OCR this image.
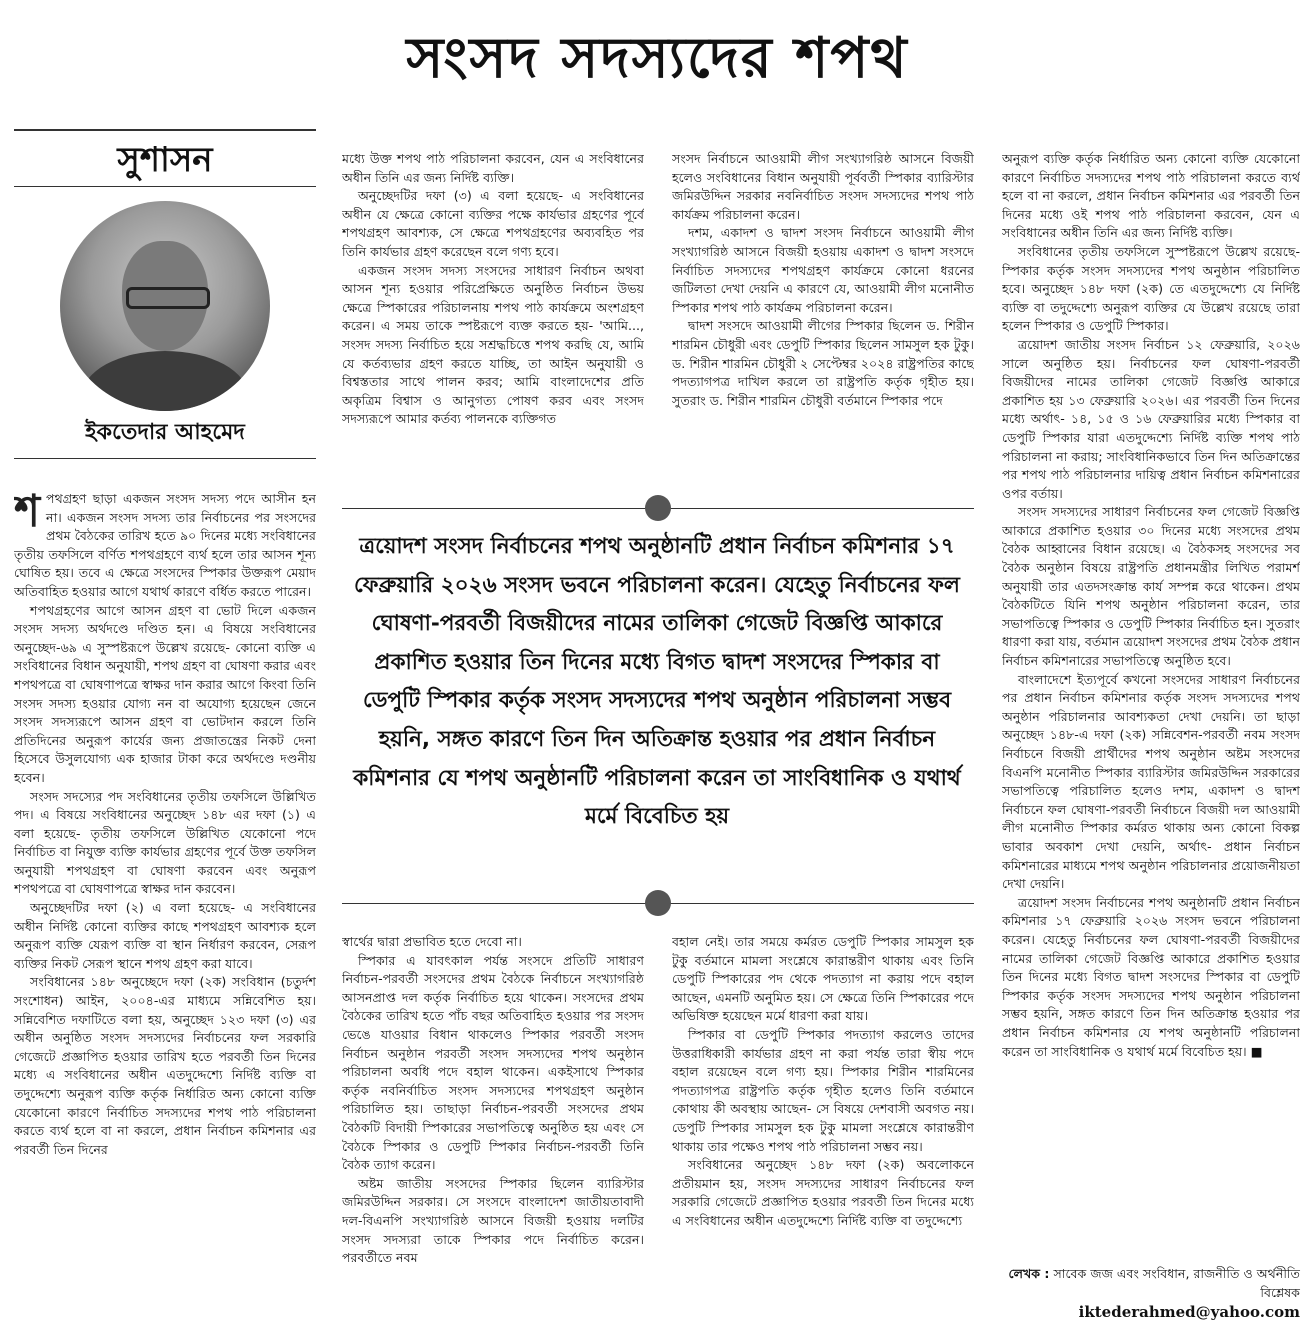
সংসদ সদস্যদের শপথ
সুশাসন
ইকতেদার আহমেদ

শপথগ্রহণ ছাড়া একজন সংসদ সদস্য পদে আসীন হন না। একজন সংসদ সদস্য তার নির্বাচনের পর সংসদের প্রথম বৈঠকের তারিখ হতে ৯০ দিনের মধ্যে সংবিধানের তৃতীয় তফসিলে বর্ণিত শপথগ্রহণে ব্যর্থ হলে তার আসন শূন্য ঘোষিত হয়। তবে এ ক্ষেত্রে সংসদের স্পিকার উক্তরূপ মেয়াদ অতিবাহিত হওয়ার আগে যথার্থ কারণে বর্ধিত করতে পারেন।

শপথগ্রহণের আগে আসন গ্রহণ বা ভোট দিলে একজন সংসদ সদস্য অর্থদণ্ডে দণ্ডিত হন। এ বিষয়ে সংবিধানের অনুচ্ছেদ-৬৯ এ সুস্পষ্টরূপে উল্লেখ রয়েছে- কোনো ব্যক্তি এ সংবিধানের বিধান অনুযায়ী, শপথ গ্রহণ বা ঘোষণা করার এবং শপথপত্রে বা ঘোষণাপত্রে স্বাক্ষর দান করার আগে কিংবা তিনি সংসদ সদস্য হওয়ার যোগ্য নন বা অযোগ্য হয়েছেন জেনে সংসদ সদস্যরূপে আসন গ্রহণ বা ভোটদান করলে তিনি প্রতিদিনের অনুরূপ কার্যের জন্য প্রজাতন্ত্রের নিকট দেনা হিসেবে উসুলযোগ্য এক হাজার টাকা করে অর্থদণ্ডে দণ্ডনীয় হবেন।

সংসদ সদস্যের পদ সংবিধানের তৃতীয় তফসিলে উল্লিখিত পদ। এ বিষয়ে সংবিধানের অনুচ্ছেদ ১৪৮ এর দফা (১) এ বলা হয়েছে- তৃতীয় তফসিলে উল্লিখিত যেকোনো পদে নির্বাচিত বা নিযুক্ত ব্যক্তি কার্যভার গ্রহণের পূর্বে উক্ত তফসিল অনুযায়ী শপথগ্রহণ বা ঘোষণা করবেন এবং অনুরূপ শপথপত্রে বা ঘোষণাপত্রে স্বাক্ষর দান করবেন।

অনুচ্ছেদটির দফা (২) এ বলা হয়েছে- এ সংবিধানের অধীন নির্দিষ্ট কোনো ব্যক্তির কাছে শপথগ্রহণ আবশ্যক হলে অনুরূপ ব্যক্তি যেরূপ ব্যক্তি বা স্থান নির্ধারণ করবেন, সেরূপ ব্যক্তির নিকট সেরূপ স্থানে শপথ গ্রহণ করা যাবে।

সংবিধানের ১৪৮ অনুচ্ছেদে দফা (২ক) সংবিধান (চতুর্দশ সংশোধন) আইন, ২০০৪-এর মাধ্যমে সন্নিবেশিত হয়। সন্নিবেশিত দফাটিতে বলা হয়, অনুচ্ছেদ ১২৩ দফা (৩) এর অধীন অনুষ্ঠিত সংসদ সদস্যদের নির্বাচনের ফল সরকারি গেজেটে প্রজ্ঞাপিত হওয়ার তারিখ হতে পরবর্তী তিন দিনের মধ্যে এ সংবিধানের অধীন এতদুদ্দেশ্যে নির্দিষ্ট ব্যক্তি বা তদুদ্দেশ্যে অনুরূপ ব্যক্তি কর্তৃক নির্ধারিত অন্য কোনো ব্যক্তি যেকোনো কারণে নির্বাচিত সদস্যদের শপথ পাঠ পরিচালনা করতে ব্যর্থ হলে বা না করলে, প্রধান নির্বাচন কমিশনার এর পরবর্তী তিন দিনের

মধ্যে উক্ত শপথ পাঠ পরিচালনা করবেন, যেন এ সংবিধানের অধীন তিনি এর জন্য নির্দিষ্ট ব্যক্তি।

অনুচ্ছেদটির দফা (৩) এ বলা হয়েছে- এ সংবিধানের অধীন যে ক্ষেত্রে কোনো ব্যক্তির পক্ষে কার্যভার গ্রহণের পূর্বে শপথগ্রহণ আবশ্যক, সে ক্ষেত্রে শপথগ্রহণের অব্যবহিত পর তিনি কার্যভার গ্রহণ করেছেন বলে গণ্য হবে।

একজন সংসদ সদস্য সংসদের সাধারণ নির্বাচন অথবা আসন শূন্য হওয়ার পরিপ্রেক্ষিতে অনুষ্ঠিত নির্বাচন উভয় ক্ষেত্রে স্পিকারের পরিচালনায় শপথ পাঠ কার্যক্রমে অংশগ্রহণ করেন। এ সময় তাকে স্পষ্টরূপে ব্যক্ত করতে হয়- 'আমি..., সংসদ সদস্য নির্বাচিত হয়ে সশ্রদ্ধচিত্তে শপথ করছি যে, আমি যে কর্তব্যভার গ্রহণ করতে যাচ্ছি, তা আইন অনুযায়ী ও বিশ্বস্ততার সাথে পালন করব; আমি বাংলাদেশের প্রতি অকৃত্রিম বিশ্বাস ও আনুগত্য পোষণ করব এবং সংসদ সদস্যরূপে আমার কর্তব্য পালনকে ব্যক্তিগত

সংসদ নির্বাচনে আওয়ামী লীগ সংখ্যাগরিষ্ঠ আসনে বিজয়ী হলেও সংবিধানের বিধান অনুযায়ী পূর্ববর্তী স্পিকার ব্যারিস্টার জমিরউদ্দিন সরকার নবনির্বাচিত সংসদ সদস্যদের শপথ পাঠ কার্যক্রম পরিচালনা করেন।

দশম, একাদশ ও দ্বাদশ সংসদ নির্বাচনে আওয়ামী লীগ সংখ্যাগরিষ্ঠ আসনে বিজয়ী হওয়ায় একাদশ ও দ্বাদশ সংসদে নির্বাচিত সদস্যদের শপথগ্রহণ কার্যক্রমে কোনো ধরনের জটিলতা দেখা দেয়নি এ কারণে যে, আওয়ামী লীগ মনোনীত স্পিকার শপথ পাঠ কার্যক্রম পরিচালনা করেন।

দ্বাদশ সংসদে আওয়ামী লীগের স্পিকার ছিলেন ড. শিরীন শারমিন চৌধুরী এবং ডেপুটি স্পিকার ছিলেন সামসুল হক টুকু। ড. শিরীন শারমিন চৌধুরী ২ সেপ্টেম্বর ২০২৪ রাষ্ট্রপতির কাছে পদত্যাগপত্র দাখিল করলে তা রাষ্ট্রপতি কর্তৃক গৃহীত হয়। সুতরাং ড. শিরীন শারমিন চৌধুরী বর্তমানে স্পিকার পদে

ত্রয়োদশ সংসদ নির্বাচনের শপথ অনুষ্ঠানটি প্রধান নির্বাচন কমিশনার ১৭ ফেব্রুয়ারি ২০২৬ সংসদ ভবনে পরিচালনা করেন। যেহেতু নির্বাচনের ফল ঘোষণা-পরবর্তী বিজয়ীদের নামের তালিকা গেজেট বিজ্ঞপ্তি আকারে প্রকাশিত হওয়ার তিন দিনের মধ্যে বিগত দ্বাদশ সংসদের স্পিকার বা ডেপুটি স্পিকার কর্তৃক সংসদ সদস্যদের শপথ অনুষ্ঠান পরিচালনা সম্ভব হয়নি, সঙ্গত কারণে তিন দিন অতিক্রান্ত হওয়ার পর প্রধান নির্বাচন কমিশনার যে শপথ অনুষ্ঠানটি পরিচালনা করেন তা সাংবিধানিক ও যথার্থ মর্মে বিবেচিত হয়

স্বার্থের দ্বারা প্রভাবিত হতে দেবো না।

স্পিকার এ যাবৎকাল পর্যন্ত সংসদে প্রতিটি সাধারণ নির্বাচন-পরবর্তী সংসদের প্রথম বৈঠকে নির্বাচনে সংখ্যাগরিষ্ঠ আসনপ্রাপ্ত দল কর্তৃক নির্বাচিত হয়ে থাকেন। সংসদের প্রথম বৈঠকের তারিখ হতে পাঁচ বছর অতিবাহিত হওয়ার পর সংসদ ভেঙে যাওয়ার বিধান থাকলেও স্পিকার পরবর্তী সংসদ নির্বাচন অনুষ্ঠান পরবর্তী সংসদ সদস্যদের শপথ অনুষ্ঠান পরিচালনা অবধি পদে বহাল থাকেন। একইসাথে স্পিকার কর্তৃক নবনির্বাচিত সংসদ সদস্যদের শপথগ্রহণ অনুষ্ঠান পরিচালিত হয়। তাছাড়া নির্বাচন-পরবর্তী সংসদের প্রথম বৈঠকটি বিদায়ী স্পিকারের সভাপতিত্বে অনুষ্ঠিত হয় এবং সে বৈঠকে স্পিকার ও ডেপুটি স্পিকার নির্বাচন-পরবর্তী তিনি বৈঠক ত্যাগ করেন।

অষ্টম জাতীয় সংসদের স্পিকার ছিলেন ব্যারিস্টার জমিরউদ্দিন সরকার। সে সংসদে বাংলাদেশ জাতীয়তাবাদী দল-বিএনপি সংখ্যাগরিষ্ঠ আসনে বিজয়ী হওয়ায় দলটির সংসদ সদস্যরা তাকে স্পিকার পদে নির্বাচিত করেন। পরবর্তীতে নবম

বহাল নেই। তার সময়ে কর্মরত ডেপুটি স্পিকার সামসুল হক টুকু বর্তমানে মামলা সংশ্লেষে কারান্তরীণ থাকায় এবং তিনি ডেপুটি স্পিকারের পদ থেকে পদত্যাগ না করায় পদে বহাল আছেন, এমনটি অনুমিত হয়। সে ক্ষেত্রে তিনি স্পিকারের পদে অভিষিক্ত হয়েছেন মর্মে ধারণা করা যায়।

স্পিকার বা ডেপুটি স্পিকার পদত্যাগ করলেও তাদের উত্তরাধিকারী কার্যভার গ্রহণ না করা পর্যন্ত তারা স্বীয় পদে বহাল রয়েছেন বলে গণ্য হয়। স্পিকার শিরীন শারমিনের পদত্যাগপত্র রাষ্ট্রপতি কর্তৃক গৃহীত হলেও তিনি বর্তমানে কোথায় কী অবস্থায় আছেন- সে বিষয়ে দেশবাসী অবগত নয়। ডেপুটি স্পিকার সামসুল হক টুকু মামলা সংশ্লেষে কারান্তরীণ থাকায় তার পক্ষেও শপথ পাঠ পরিচালনা সম্ভব নয়।

সংবিধানের অনুচ্ছেদ ১৪৮ দফা (২ক) অবলোকনে প্রতীয়মান হয়, সংসদ সদস্যদের সাধারণ নির্বাচনের ফল সরকারি গেজেটে প্রজ্ঞাপিত হওয়ার পরবর্তী তিন দিনের মধ্যে এ সংবিধানের অধীন এতদুদ্দেশ্যে নির্দিষ্ট ব্যক্তি বা তদুদ্দেশ্যে

অনুরূপ ব্যক্তি কর্তৃক নির্ধারিত অন্য কোনো ব্যক্তি যেকোনো কারণে নির্বাচিত সদস্যদের শপথ পাঠ পরিচালনা করতে ব্যর্থ হলে বা না করলে, প্রধান নির্বাচন কমিশনার এর পরবর্তী তিন দিনের মধ্যে ওই শপথ পাঠ পরিচালনা করবেন, যেন এ সংবিধানের অধীন তিনি এর জন্য নির্দিষ্ট ব্যক্তি।

সংবিধানের তৃতীয় তফসিলে সুস্পষ্টরূপে উল্লেখ রয়েছে- স্পিকার কর্তৃক সংসদ সদস্যদের শপথ অনুষ্ঠান পরিচালিত হবে। অনুচ্ছেদ ১৪৮ দফা (২ক) তে এতদুদ্দেশ্যে যে নির্দিষ্ট ব্যক্তি বা তদুদ্দেশ্যে অনুরূপ ব্যক্তির যে উল্লেখ রয়েছে তারা হলেন স্পিকার ও ডেপুটি স্পিকার।

ত্রয়োদশ জাতীয় সংসদ নির্বাচন ১২ ফেব্রুয়ারি, ২০২৬ সালে অনুষ্ঠিত হয়। নির্বাচনের ফল ঘোষণা-পরবর্তী বিজয়ীদের নামের তালিকা গেজেট বিজ্ঞপ্তি আকারে প্রকাশিত হয় ১৩ ফেব্রুয়ারি ২০২৬। এর পরবর্তী তিন দিনের মধ্যে অর্থাৎ- ১৪, ১৫ ও ১৬ ফেব্রুয়ারির মধ্যে স্পিকার বা ডেপুটি স্পিকার যারা এতদুদ্দেশ্যে নির্দিষ্ট ব্যক্তি শপথ পাঠ পরিচালনা না করায়; সাংবিধানিকভাবে তিন দিন অতিক্রান্তের পর শপথ পাঠ পরিচালনার দায়িত্ব প্রধান নির্বাচন কমিশনারের ওপর বর্তায়।

সংসদ সদস্যদের সাধারণ নির্বাচনের ফল গেজেট বিজ্ঞপ্তি আকারে প্রকাশিত হওয়ার ৩০ দিনের মধ্যে সংসদের প্রথম বৈঠক আহ্বানের বিধান রয়েছে। এ বৈঠকসহ সংসদের সব বৈঠক অনুষ্ঠান বিষয়ে রাষ্ট্রপতি প্রধানমন্ত্রীর লিখিত পরামর্শ অনুযায়ী তার এতদসংক্রান্ত কার্য সম্পন্ন করে থাকেন। প্রথম বৈঠকটিতে যিনি শপথ অনুষ্ঠান পরিচালনা করেন, তার সভাপতিত্বে স্পিকার ও ডেপুটি স্পিকার নির্বাচিত হন। সুতরাং ধারণা করা যায়, বর্তমান ত্রয়োদশ সংসদের প্রথম বৈঠক প্রধান নির্বাচন কমিশনারের সভাপতিত্বে অনুষ্ঠিত হবে।

বাংলাদেশে ইত্যপূর্বে কখনো সংসদের সাধারণ নির্বাচনের পর প্রধান নির্বাচন কমিশনার কর্তৃক সংসদ সদস্যদের শপথ অনুষ্ঠান পরিচালনার আবশ্যকতা দেখা দেয়নি। তা ছাড়া অনুচ্ছেদ ১৪৮-এ দফা (২ক) সন্নিবেশন-পরবর্তী নবম সংসদ নির্বাচনে বিজয়ী প্রার্থীদের শপথ অনুষ্ঠান অষ্টম সংসদের বিএনপি মনোনীত স্পিকার ব্যারিস্টার জমিরউদ্দিন সরকারের সভাপতিত্বে পরিচালিত হলেও দশম, একাদশ ও দ্বাদশ নির্বাচনে ফল ঘোষণা-পরবর্তী নির্বাচনে বিজয়ী দল আওয়ামী লীগ মনোনীত স্পিকার কর্মরত থাকায় অন্য কোনো বিকল্প ভাবার অবকাশ দেখা দেয়নি, অর্থাৎ- প্রধান নির্বাচন কমিশনারের মাধ্যমে শপথ অনুষ্ঠান পরিচালনার প্রয়োজনীয়তা দেখা দেয়নি।

ত্রয়োদশ সংসদ নির্বাচনের শপথ অনুষ্ঠানটি প্রধান নির্বাচন কমিশনার ১৭ ফেব্রুয়ারি ২০২৬ সংসদ ভবনে পরিচালনা করেন। যেহেতু নির্বাচনের ফল ঘোষণা-পরবর্তী বিজয়ীদের নামের তালিকা গেজেট বিজ্ঞপ্তি আকারে প্রকাশিত হওয়ার তিন দিনের মধ্যে বিগত দ্বাদশ সংসদের স্পিকার বা ডেপুটি স্পিকার কর্তৃক সংসদ সদস্যদের শপথ অনুষ্ঠান পরিচালনা সম্ভব হয়নি, সঙ্গত কারণে তিন দিন অতিক্রান্ত হওয়ার পর প্রধান নির্বাচন কমিশনার যে শপথ অনুষ্ঠানটি পরিচালনা করেন তা সাংবিধানিক ও যথার্থ মর্মে বিবেচিত হয়। ■

লেখক : সাবেক জজ এবং সংবিধান, রাজনীতি ও অর্থনীতি বিশ্লেষক
iktederahmed@yahoo.com
